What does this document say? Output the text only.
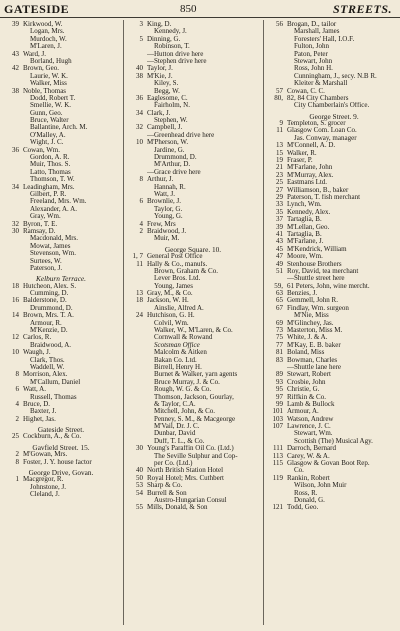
GATESIDE	850	STREETS.
39 Kirkwood, W.
Logan, Mrs.
Murdoch, W.
M'Laren, J.
43 Ward, J.
Borland, Hugh
42 Brown, Geo.
Laurie, W. K.
Walker, Miss
38 Noble, Thomas
Dodd, Robert T.
Smellie, W. K.
Gunn, Geo.
Bruce, Walter
Ballantine, Arch. M.
O'Malley, A.
Wight, J. C.
36 Cowan, Wm.
Gordon, A. R.
Muir, Thos. S.
Latto, Thomas
Thomson, T. W.
34 Leadingham, Mrs.
Gilbert, P. R.
Freeland, Mrs. Wm.
Alexander, A. A.
Gray, Wm.
32 Byron, T. E.
30 Ramsay, D.
Macdonald, Mrs.
Mowat, James
Stevenson, Wm.
Surtees, W.
Paterson, J.
Kelburn Terrace.
18 Hutcheon, Alex. S.
Cumming, D.
16 Balderstone, D.
Drummond, D.
14 Brown, Mrs. T. A.
Armour, R.
M'Kenzie, D.
12 Carlos, R.
Braidwood, A.
10 Waugh, J.
Clark, Thos.
Waddell, W.
8 Morrison, Alex.
M'Callum, Daniel
6 Watt, A.
Russell, Thomas
4 Bruce, D.
Baxter, J.
2 Highet, Jas.
Gateside Street.
25 Cockburn, A., & Co.
Gavfield Street. 15.
2 M'Gowan, Mrs.
8 Foster, J. Y. house factor
George Drive, Govan.
1 Macgregor, R.
Johnstone, J.
Cleland, J.
3 King, D.
Kennedy, J.
5 Dinning, G.
Robinson, T.
—Hutton drive here
—Stephen drive here
40 Taylor, J.
38 M'Kie, J.
Kiley, S.
Begg, W.
36 Eaglesome, C.
Fairholm, N.
34 Clark, J.
Stephen, W.
32 Campbell, J.
—Greenhead drive here
10 M'Pherson, W.
Jardine, G.
Drummond, D.
M'Arthur, D.
—Grace drive here
8 Arthur, J.
Hannah, R.
Watt, J.
6 Brownlie, J.
Taylor, G.
Young, G.
4 Frew, Mrs
2 Braidwood, J.
Muir, M.
George Square. 10.
1, 7 General Post Office
11 Hally & Co., manufs.
Brown, Graham & Co.
Lever Bros. Ltd.
Young, James
13 Gray, M., & Co.
18 Jackson, W. H.
Ainslie, Alfred A.
24 Hutchison, G. H.
Colvil, Wm.
Walker, W., M'Laren, & Co.
Cornwall & Rowand
Scotsman Office
Malcolm & Aitken
Bakan Co. Ltd.
Birrell, Henry H.
Burnet & Walker, yarn agents
Bruce Murray, J. & Co.
Rough, W. G. & Co.
Thomson, Jackson, Gourlay,
& Taylor, C.A.
Mitchell, John, & Co.
Penney, S. M., & Macgeorge
M'Vail, Dr. J. C.
Dunbar, David
Duff, T. L., & Co.
30 Young's Paraffin Oil Co. (Ltd.)
The Seville Sulphur and Cop-
per Co. (Ltd.)
40 North British Station Hotel
50 Royal Hotel; Mrs. Cuthbert
53 Sharp & Co.
54 Burrell & Son
Austro-Hungarian Consul
55 Mills, Donald, & Son
56 Brogan, D., tailor
Marshall, James
Foresters' Hall, I.O.F.
Fulton, John
Paton, Peter
Stewart, John
Ross, John H.
Cunningham, J., secy. N.B R.
Kleiter & Marshall
57 Cowan, C. C.
80, 82, 84 City Chambers
City Chamberlain's Office.
George Street. 9.
9 Templeton, S. grocer
11 Glasgow Com. Loan Co.
Jas. Conway, manager
13 M'Connell, A. D.
15 Walker, R.
19 Fraser, P.
21 M'Farlane, John
23 M'Murray, Alex.
25 Eastmans Ltd.
27 Williamson, B., baker
29 Paterson, T. fish merchant
33 Lynch, Wm.
35 Kennedy, Alex.
37 Tartaglia, B.
39 M'Lellan, Geo.
41 Tartaglia, B.
43 M'Farlane, J.
45 M'Kendrick, William
47 Moore, Wm.
49 Stenhouse Brothers
51 Roy, David, tea merchant
—Shuttle street here
59, 61 Peters, John, wine mercht.
63 Benzies, J.
65 Gemmell, John R.
67 Findlay, Wm. surgeon
M'Nie, Miss
69 M'Glinchey, Jas.
73 Masterton, Miss M.
75 White, J. & A.
77 M'Kay, E. B. baker
81 Boland, Miss
83 Bowman, Charles
—Shuttle lane here
89 Stewart, Robert
93 Crosbie, John
95 Christie, G.
97 Riffkin & Co.
99 Lamb & Bullock
101 Armour, A.
103 Watson, Andrew
107 Lawrence, J. C.
Stewart, Wm.
Scottish (The) Musical Agy.
111 Darroch, Bernard
113 Carey, W. & A.
115 Glasgow & Govan Boot Rep.
Co.
119 Rankin, Robert
Wilson, John Muir
Ross, R.
Donald, G.
121 Todd, Geo.
